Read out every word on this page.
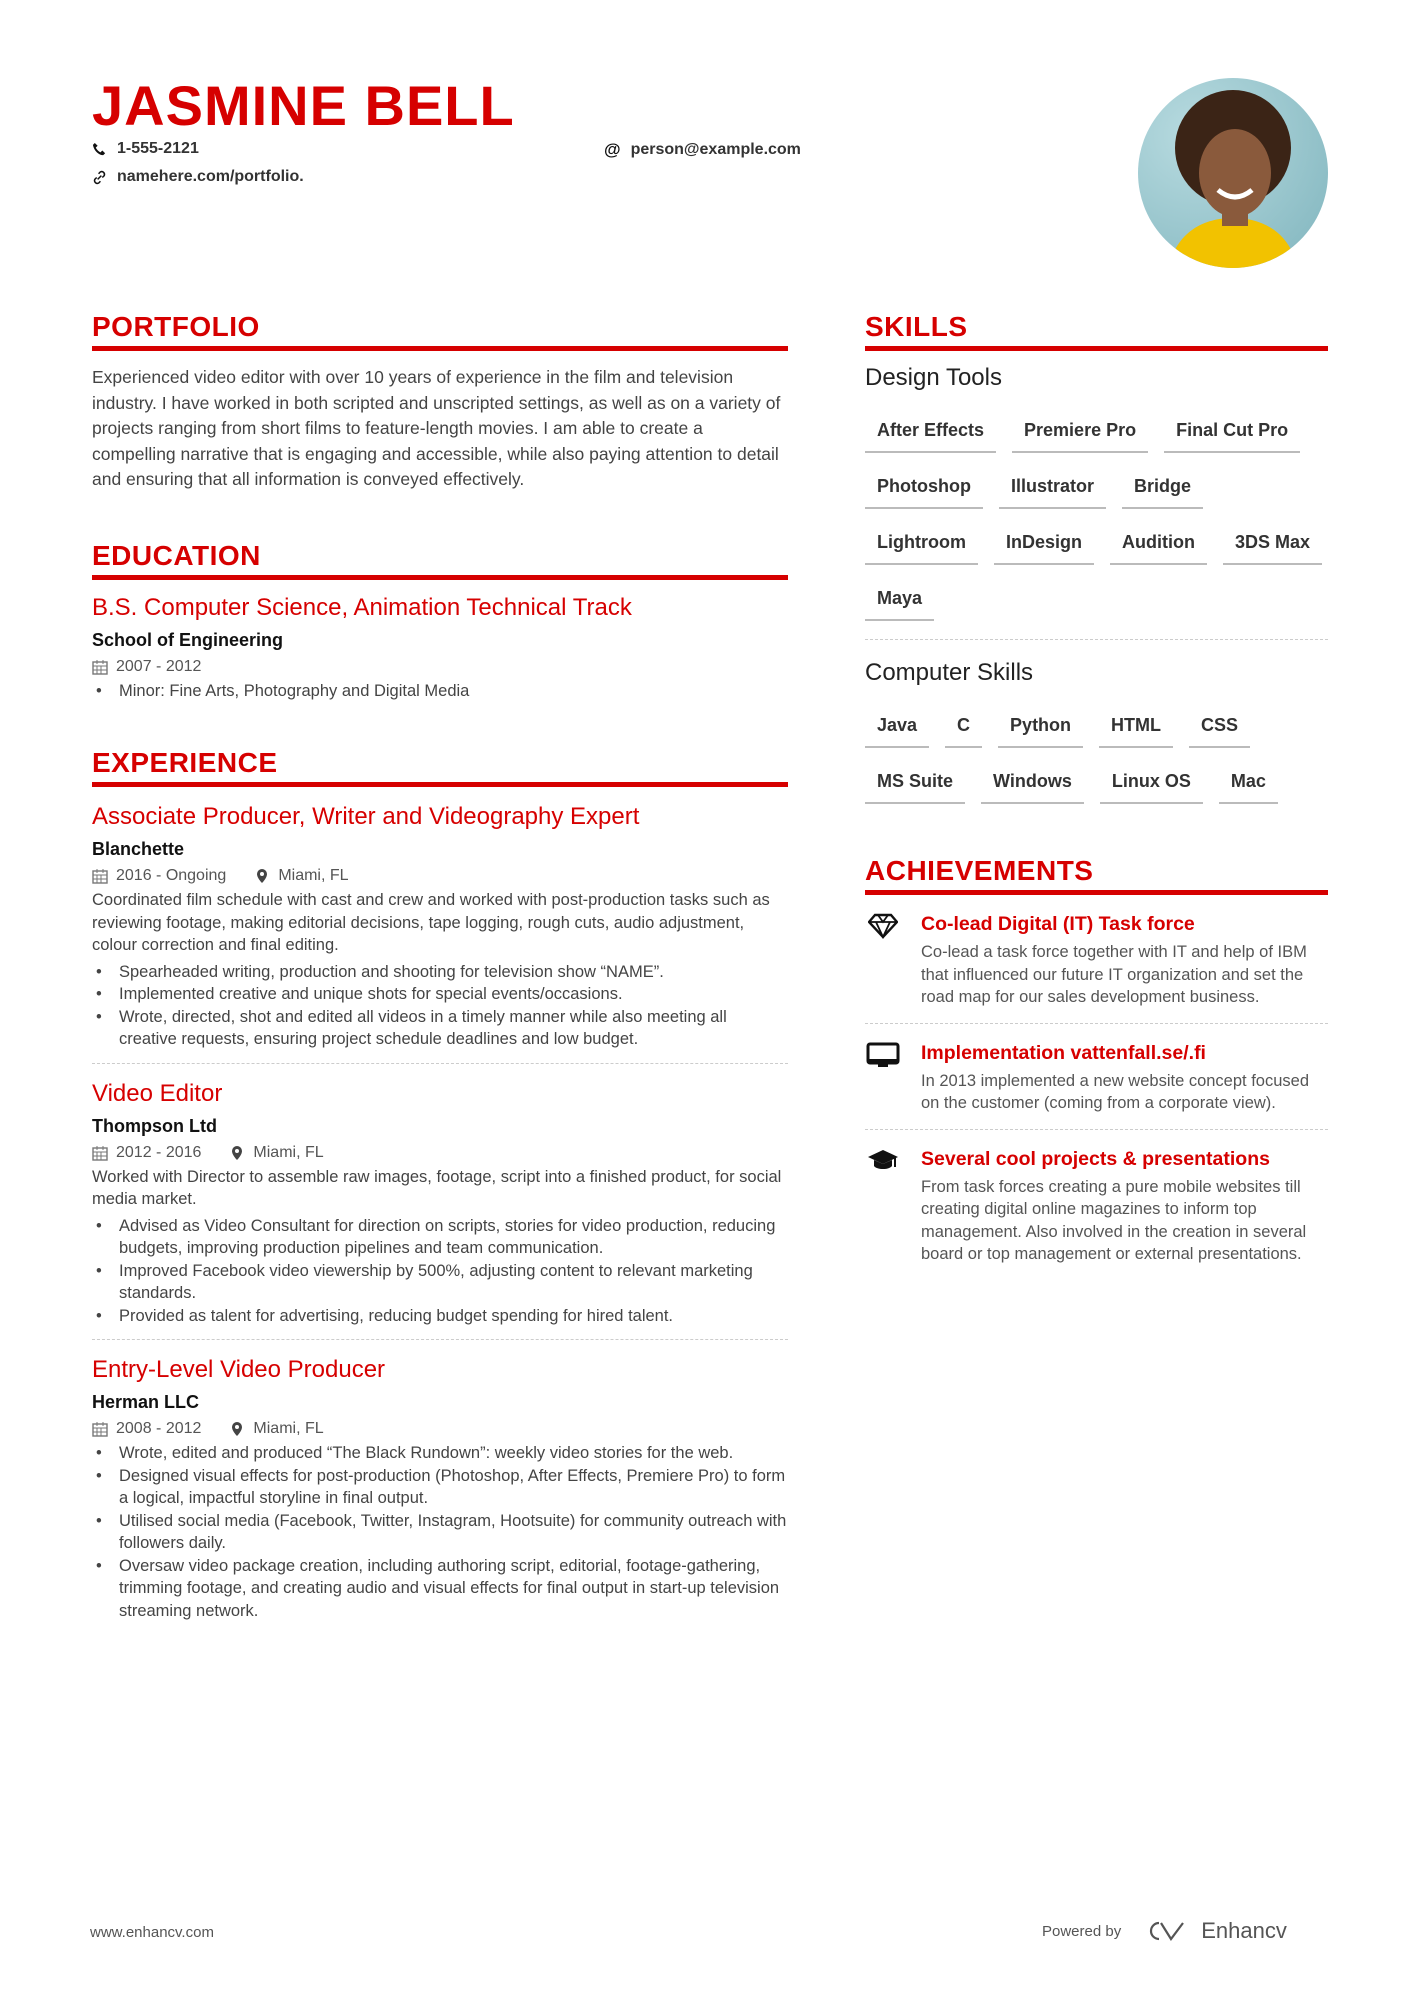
JASMINE BELL
1-555-2121	@ person@example.com
namehere.com/portfolio.
PORTFOLIO

Experienced video editor with over 10 years of experience in the film and television industry. I have worked in both scripted and unscripted settings, as well as on a variety of projects ranging from short films to feature-length movies. I am able to create a compelling narrative that is engaging and accessible, while also paying attention to detail and ensuring that all information is conveyed effectively.

EDUCATION
B.S. Computer Science, Animation Technical Track
School of Engineering
2007 - 2012
• Minor: Fine Arts, Photography and Digital Media
EXPERIENCE
Associate Producer, Writer and Videography Expert
Blanchette
2016 - Ongoing	Miami, FL

Coordinated film schedule with cast and crew and worked with post-production tasks such as reviewing footage, making editorial decisions, tape logging, rough cuts, audio adjustment, colour correction and final editing.

• Spearheaded writing, production and shooting for television show “NAME”.
• Implemented creative and unique shots for special events/occasions.
• Wrote, directed, shot and edited all videos in a timely manner while also meeting all creative requests, ensuring project schedule deadlines and low budget.
Video Editor
Thompson Ltd
2012 - 2016	Miami, FL

Worked with Director to assemble raw images, footage, script into a finished product, for social media market.

• Advised as Video Consultant for direction on scripts, stories for video production, reducing budgets, improving production pipelines and team communication.
• Improved Facebook video viewership by 500%, adjusting content to relevant marketing standards.
• Provided as talent for advertising, reducing budget spending for hired talent.
Entry-Level Video Producer
Herman LLC
2008 - 2012	Miami, FL
• Wrote, edited and produced “The Black Rundown”: weekly video stories for the web.
• Designed visual effects for post-production (Photoshop, After Effects, Premiere Pro) to form a logical, impactful storyline in final output.
• Utilised social media (Facebook, Twitter, Instagram, Hootsuite) for community outreach with followers daily.
• Oversaw video package creation, including authoring script, editorial, footage-gathering, trimming footage, and creating audio and visual effects for final output in start-up television streaming network.
SKILLS
Design Tools
After Effects	Premiere Pro	Final Cut Pro
Photoshop	Illustrator	Bridge
Lightroom	InDesign	Audition	3DS Max
Maya
Computer Skills
Java	C	Python	HTML	CSS
MS Suite	Windows	Linux OS	Mac
ACHIEVEMENTS
Co-lead Digital (IT) Task force
Co-lead a task force together with IT and help of IBM that influenced our future IT organization and set the road map for our sales development business.
Implementation vattenfall.se/.fi
In 2013 implemented a new website concept focused on the customer (coming from a corporate view).
Several cool projects & presentations
From task forces creating a pure mobile websites till creating digital online magazines to inform top management. Also involved in the creation in several board or top management or external presentations.
www.enhancv.com	Powered by	Enhancv
